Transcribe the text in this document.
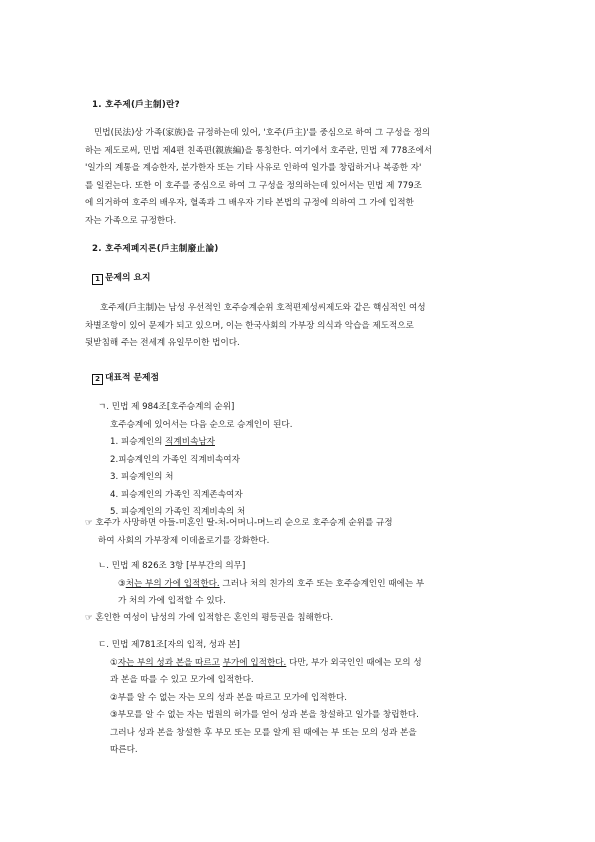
1. 호주제(戶主制)란?
민법(民法)상 가족(家族)을 규정하는데 있어, '호주(戶主)'를 중심으로 하여 그 구성을 정의
하는 제도로써, 민법 제4편 친족편(親族編)을 통칭한다. 여기에서 호주란, 민법 제 778조에서
'일가의 계통을 계승한자, 분가한자 또는 기타 사유로 인하여 일가를 창립하거나 복종한 자'
를 일컫는다. 또한 이 호주를 중심으로 하여 그 구성을 정의하는데 있어서는 민법 제 779조
에 의거하여 호주의 배우자, 혈족과 그 배우자 기타 본법의 규정에 의하여 그 가에 입적한
자는 가족으로 규정한다.
2. 호주제폐지론(戶主制廢止論)
1 문제의 요지
호주제(戶主制)는 남성 우선적인 호주승계순위 호적편제성씨제도와 같은 핵심적인 여성
차별조항이 있어 문제가 되고 있으며, 이는 한국사회의 가부장 의식과 악습을 제도적으로
뒷받침해 주는 전세계 유일무이한 법이다.
2 대표적 문제점
ㄱ. 민법 제 984조[호주승계의 순위]
호주승계에 있어서는 다음 순으로 승계인이 된다.
1. 피승계인의 직계비속남자
2.피승계인의 가족인 직계비속여자
3. 피승계인의 처
4. 피승계인의 가족인 직계존속여자
5. 피승계인의 가족인 직계비속의 처
☞ 호주가 사망하면 아들-미혼인 딸-처-어머니-며느리 순으로 호주승계 순위를 규정
하여 사회의 가부장제 이데올로기를 강화한다.
ㄴ. 민법 제 826조 3항 [부부간의 의무]
③처는 부의 가에 입적한다. 그러나 처의 친가의 호주 또는 호주승계인인 때에는 부
가 처의 가에 입적할 수 있다.
☞ 혼인한 여성이 남성의 가에 입적함은 혼인의 평등권을 침해한다.
ㄷ. 민법 제781조[자의 입적, 성과 본]
①자는 부의 성과 본을 따르고 부가에 입적한다. 다만, 부가 외국인인 때에는 모의 성
과 본을 따를 수 있고 모가에 입적한다.
②부를 알 수 없는 자는 모의 성과 본을 따르고 모가에 입적한다.
③부모를 알 수 없는 자는 법원의 허가를 얻어 성과 본을 창설하고 일가를 창립한다.
그러나 성과 본을 창설한 후 부모 또는 모를 알게 된 때에는 부 또는 모의 성과 본을
따른다.
